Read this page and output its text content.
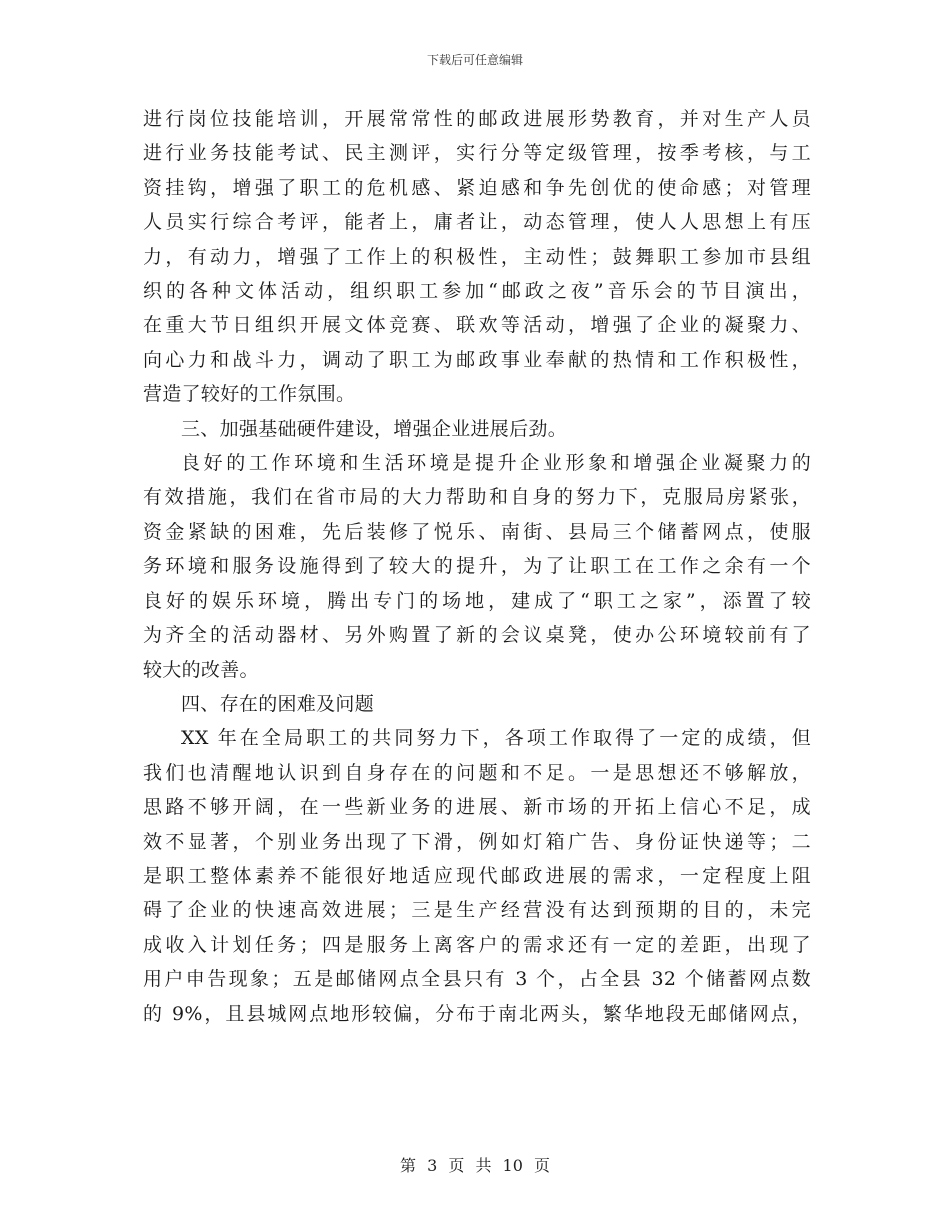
下载后可任意编辑

进行岗位技能培训，开展常常性的邮政进展形势教育，并对生产人员
进行业务技能考试、民主测评，实行分等定级管理，按季考核，与工
资挂钩，增强了职工的危机感、紧迫感和争先创优的使命感；对管理
人员实行综合考评，能者上，庸者让，动态管理，使人人思想上有压
力，有动力，增强了工作上的积极性，主动性；鼓舞职工参加市县组
织的各种文体活动，组织职工参加“邮政之夜”音乐会的节目演出，
在重大节日组织开展文体竞赛、联欢等活动，增强了企业的凝聚力、
向心力和战斗力，调动了职工为邮政事业奉献的热情和工作积极性，
营造了较好的工作氛围。
三、加强基础硬件建设，增强企业进展后劲。
良好的工作环境和生活环境是提升企业形象和增强企业凝聚力的
有效措施，我们在省市局的大力帮助和自身的努力下，克服局房紧张，
资金紧缺的困难，先后装修了悦乐、南街、县局三个储蓄网点，使服
务环境和服务设施得到了较大的提升，为了让职工在工作之余有一个
良好的娱乐环境，腾出专门的场地，建成了“职工之家”，添置了较
为齐全的活动器材、另外购置了新的会议桌凳，使办公环境较前有了
较大的改善。
四、存在的困难及问题
XX 年在全局职工的共同努力下，各项工作取得了一定的成绩，但
我们也清醒地认识到自身存在的问题和不足。一是思想还不够解放，
思路不够开阔，在一些新业务的进展、新市场的开拓上信心不足，成
效不显著，个别业务出现了下滑，例如灯箱广告、身份证快递等；二
是职工整体素养不能很好地适应现代邮政进展的需求，一定程度上阻
碍了企业的快速高效进展；三是生产经营没有达到预期的目的，未完
成收入计划任务；四是服务上离客户的需求还有一定的差距，出现了
用户申告现象；五是邮储网点全县只有 3 个，占全县 32 个储蓄网点数
的 9%，且县城网点地形较偏，分布于南北两头，繁华地段无邮储网点，

第 3 页 共 10 页
